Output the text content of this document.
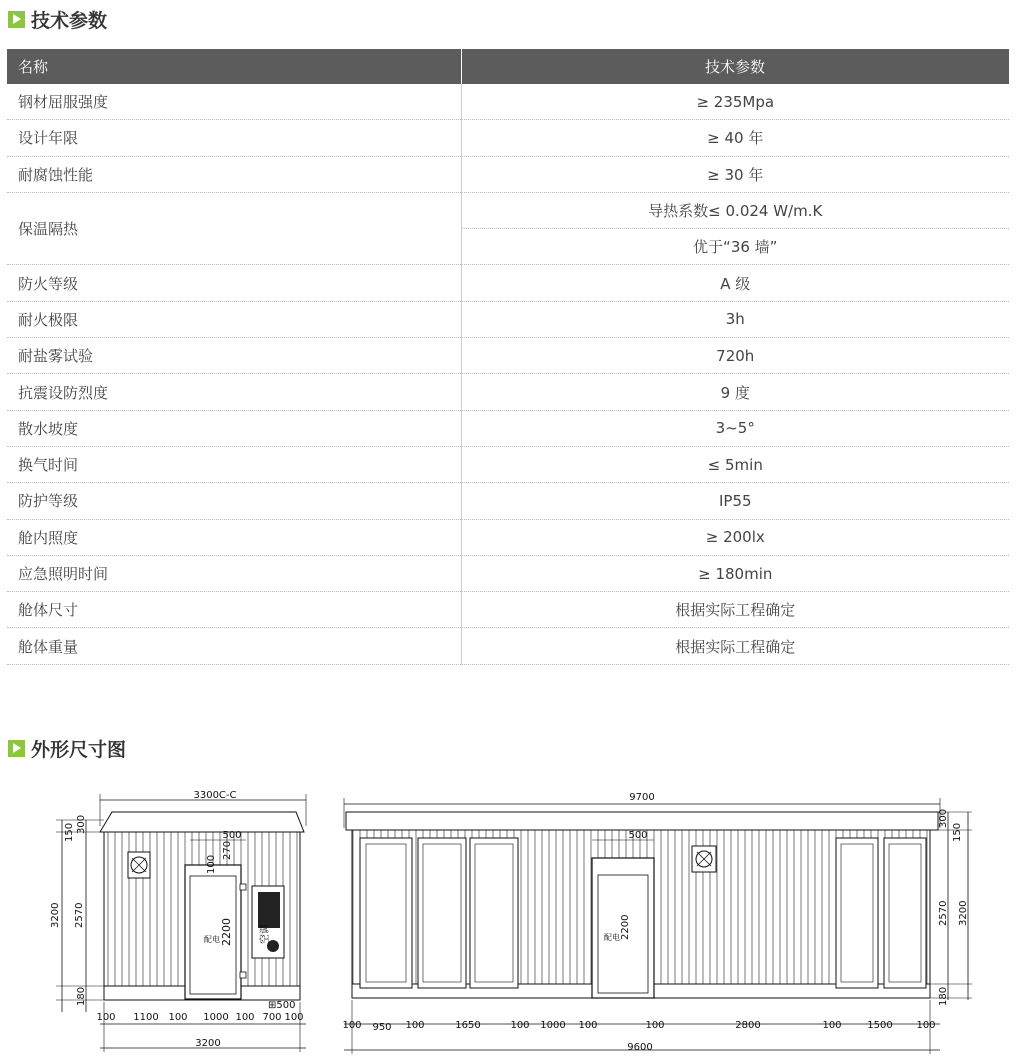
技术参数
名称	技术参数
钢材屈服强度	≥ 235Mpa
设计年限	≥ 40 年
耐腐蚀性能	≥ 30 年
保温隔热	导热系数≤ 0.024 W/m.K
	优于“36 墙”
防火等级	A 级
耐火极限	3h
耐盐雾试验	720h
抗震设防烈度	9 度
散水坡度	3~5°
换气时间	≤ 5min
防护等级	IP55
舱内照度	≥ 200lx
应急照明时间	≥ 180min
舱体尺寸	根据实际工程确定
舱体重量	根据实际工程确定
外形尺寸图
3300C-C
配电
500
100
270
2200	空调
⊞500
150 300
3200 2570
180
100 1100 100 1000 100 700 100
3200
9700
500
2200
配电
300
150
2570 3200
180
100 950 100	1650	100 1000 100	100	2800	100	1500 100
9600
